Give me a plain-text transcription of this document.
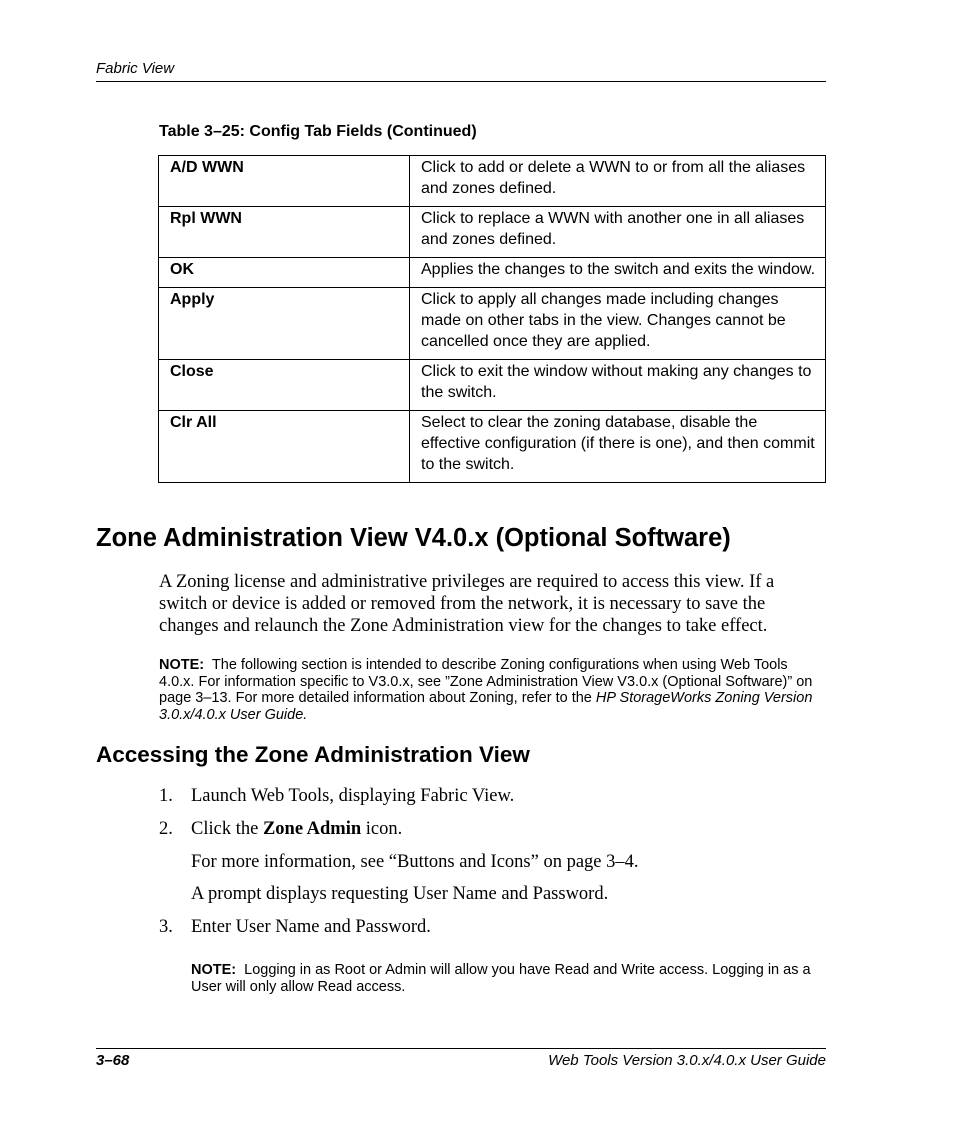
Fabric View
Table 3–25: Config Tab Fields (Continued)
A/D WWN	Click to add or delete a WWN to or from all the aliases and zones defined.
Rpl WWN	Click to replace a WWN with another one in all aliases and zones defined.
OK	Applies the changes to the switch and exits the window.
Apply	Click to apply all changes made including changes made on other tabs in the view. Changes cannot be cancelled once they are applied.
Close	Click to exit the window without making any changes to the switch.
Clr All	Select to clear the zoning database, disable the effective configuration (if there is one), and then commit to the switch.
Zone Administration View V4.0.x (Optional Software)
A Zoning license and administrative privileges are required to access this view. If a switch or device is added or removed from the network, it is necessary to save the changes and relaunch the Zone Administration view for the changes to take effect.
NOTE: The following section is intended to describe Zoning configurations when using Web Tools 4.0.x. For information specific to V3.0.x, see ”Zone Administration View V3.0.x (Optional Software)” on page 3–13. For more detailed information about Zoning, refer to the HP StorageWorks Zoning Version 3.0.x/4.0.x User Guide.
Accessing the Zone Administration View
1. Launch Web Tools, displaying Fabric View.
2. Click the Zone Admin icon.
For more information, see “Buttons and Icons” on page 3–4.
A prompt displays requesting User Name and Password.
3. Enter User Name and Password.
NOTE: Logging in as Root or Admin will allow you have Read and Write access. Logging in as a User will only allow Read access.
3–68	Web Tools Version 3.0.x/4.0.x User Guide
